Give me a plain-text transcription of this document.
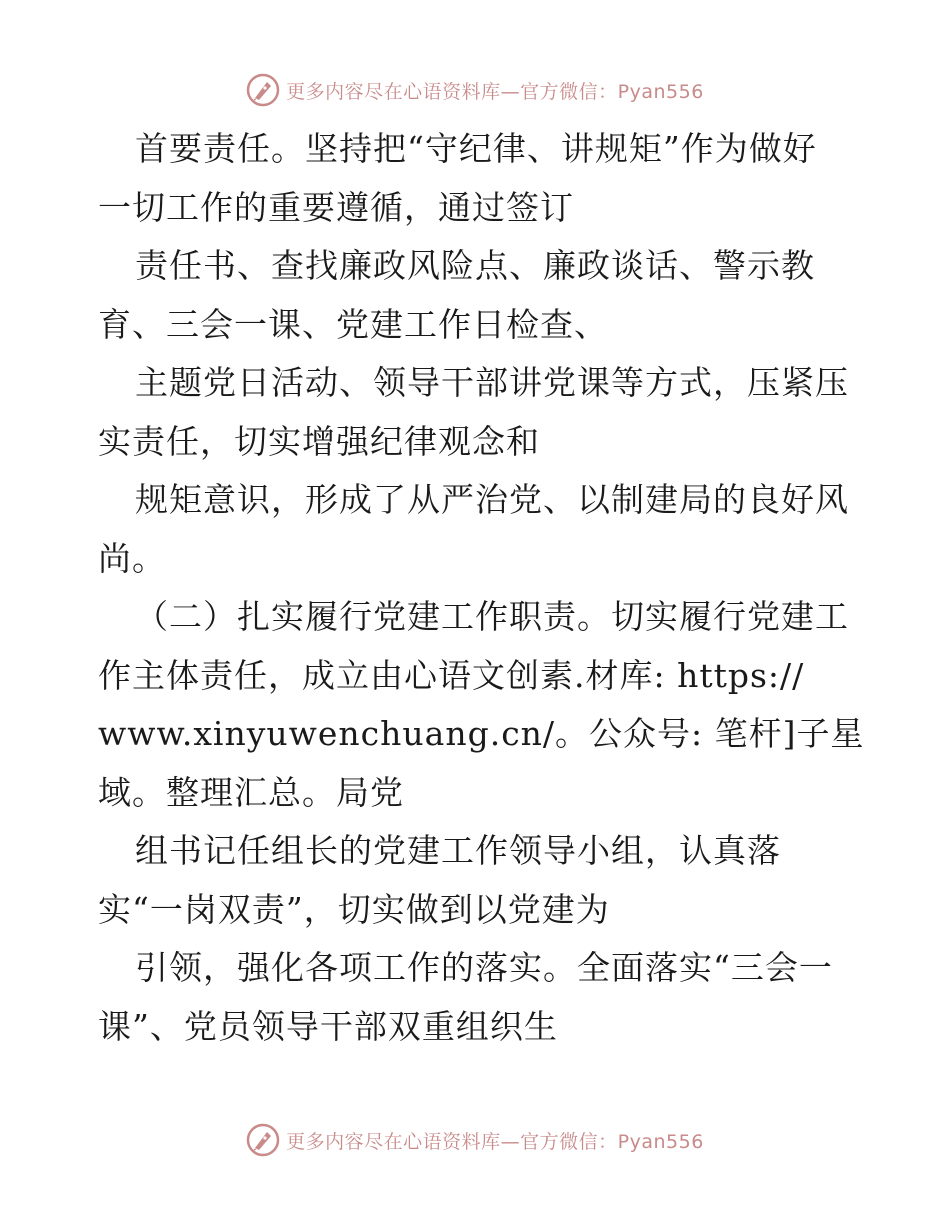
更多内容尽在心语资料库—官方微信：Pyan556
首要责任。坚持把“守纪律、讲规矩”作为做好
一切工作的重要遵循，通过签订
责任书、查找廉政风险点、廉政谈话、警示教
育、三会一课、党建工作日检查、
主题党日活动、领导干部讲党课等方式，压紧压
实责任，切实增强纪律观念和
规矩意识，形成了从严治党、以制建局的良好风
尚。
（二）扎实履行党建工作职责。切实履行党建工
作主体责任，成立由心语文创素.材库: https://
www.xinyuwenchuang.cn/。公众号: 笔杆]子星
域。整理汇总。局党
组书记任组长的党建工作领导小组，认真落
实“一岗双责”，切实做到以党建为
引领，强化各项工作的落实。全面落实“三会一
课”、党员领导干部双重组织生
更多内容尽在心语资料库—官方微信：Pyan556
